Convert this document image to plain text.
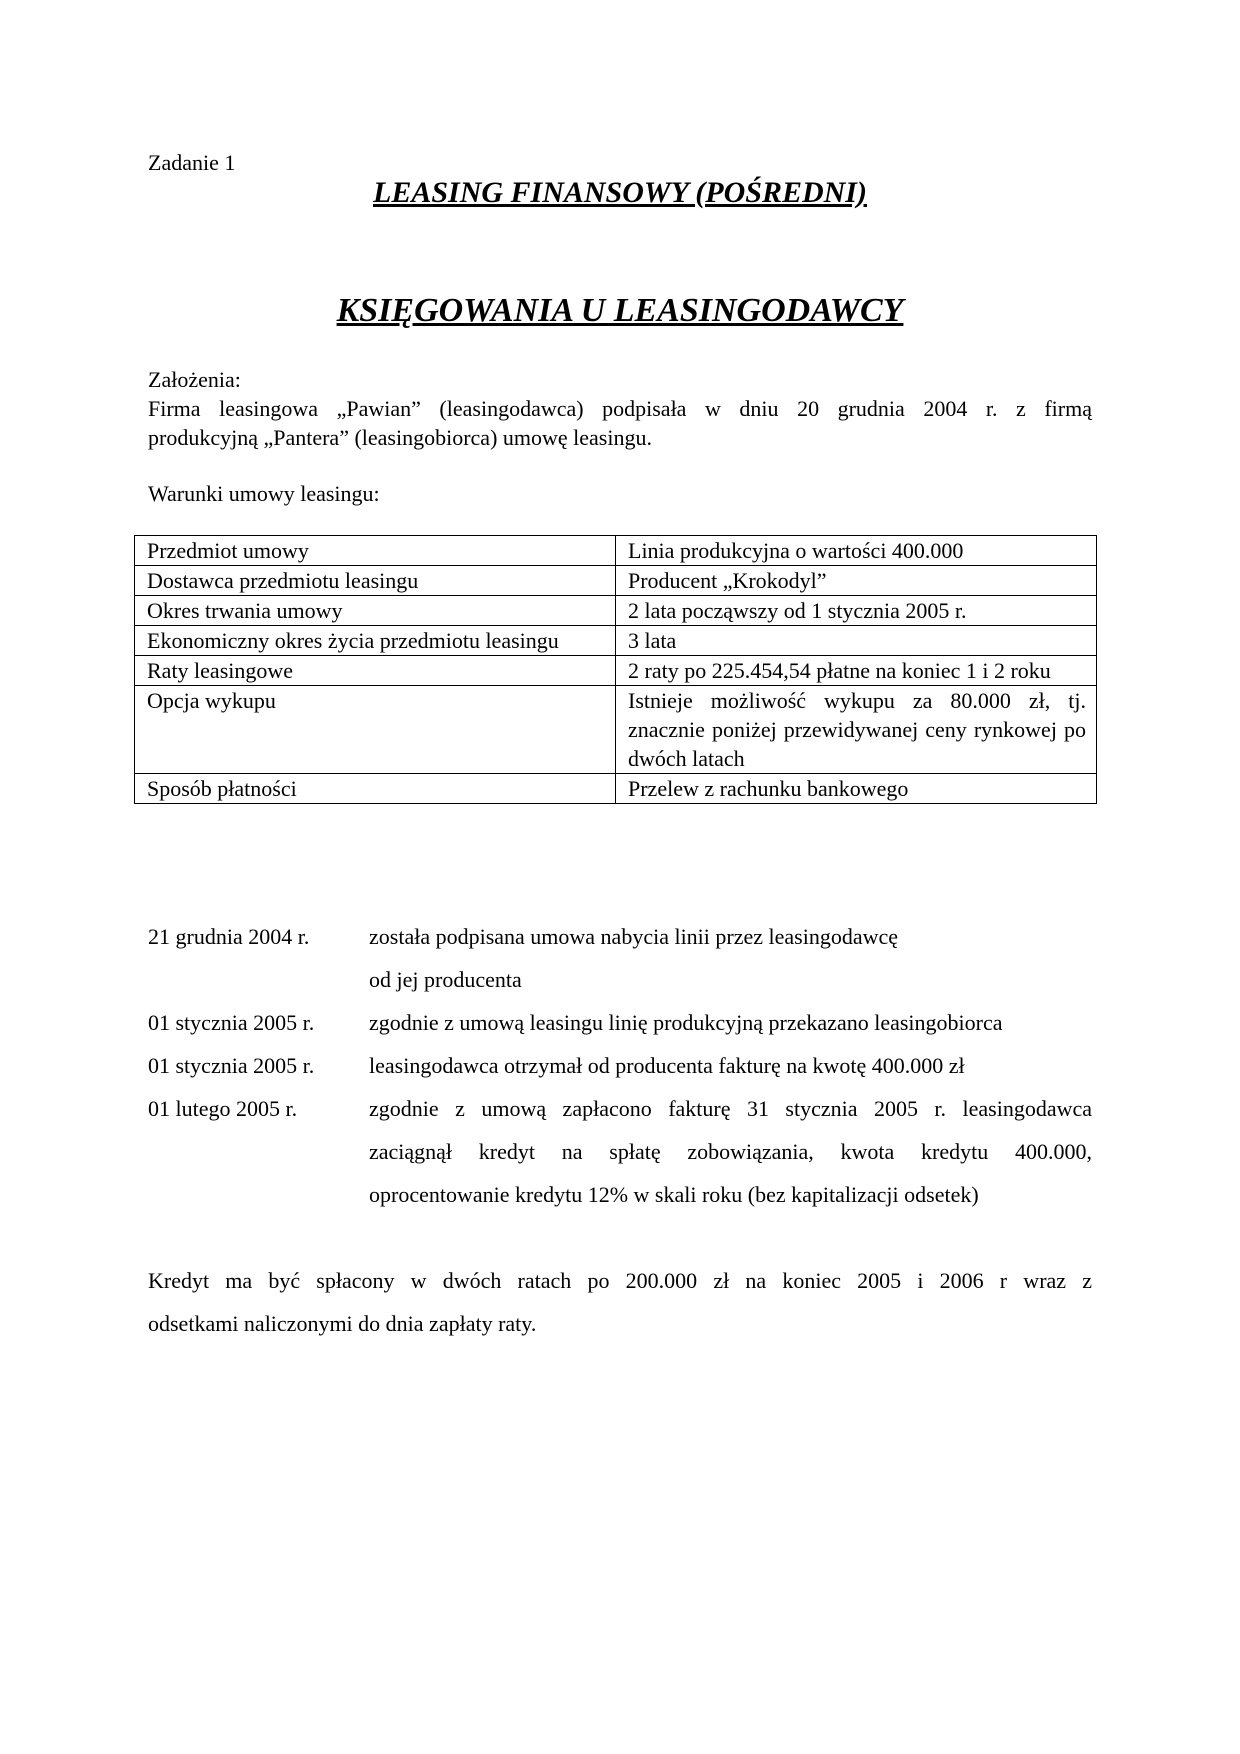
Zadanie 1
LEASING FINANSOWY (POŚREDNI)
KSIĘGOWANIA U LEASINGODAWCY
Założenia:
Firma leasingowa „Pawian” (leasingodawca) podpisała w dniu 20 grudnia 2004 r. z firmą
produkcyjną „Pantera” (leasingobiorca) umowę leasingu.
Warunki umowy leasingu:
Przedmiot umowy	Linia produkcyjna o wartości 400.000
Dostawca przedmiotu leasingu	Producent „Krokodyl”
Okres trwania umowy	2 lata począwszy od 1 stycznia 2005 r.
Ekonomiczny okres życia przedmiotu leasingu	3 lata
Raty leasingowe	2 raty po 225.454,54 płatne na koniec 1 i 2 roku
Opcja wykupu	Istnieje możliwość wykupu za 80.000 zł, tj. znacznie poniżej przewidywanej ceny rynkowej po dwóch latach
Sposób płatności	Przelew z rachunku bankowego
21 grudnia 2004 r.	została podpisana umowa nabycia linii przez leasingodawcę
od jej producenta
01 stycznia 2005 r.	zgodnie z umową leasingu linię produkcyjną przekazano leasingobiorca
01 stycznia 2005 r.	leasingodawca otrzymał od producenta fakturę na kwotę 400.000 zł
01 lutego 2005 r.	zgodnie z umową zapłacono fakturę 31 stycznia 2005 r. leasingodawca
zaciągnął kredyt na spłatę zobowiązania, kwota kredytu 400.000,
oprocentowanie kredytu 12% w skali roku (bez kapitalizacji odsetek)
Kredyt ma być spłacony w dwóch ratach po 200.000 zł na koniec 2005 i 2006 r wraz z
odsetkami naliczonymi do dnia zapłaty raty.
